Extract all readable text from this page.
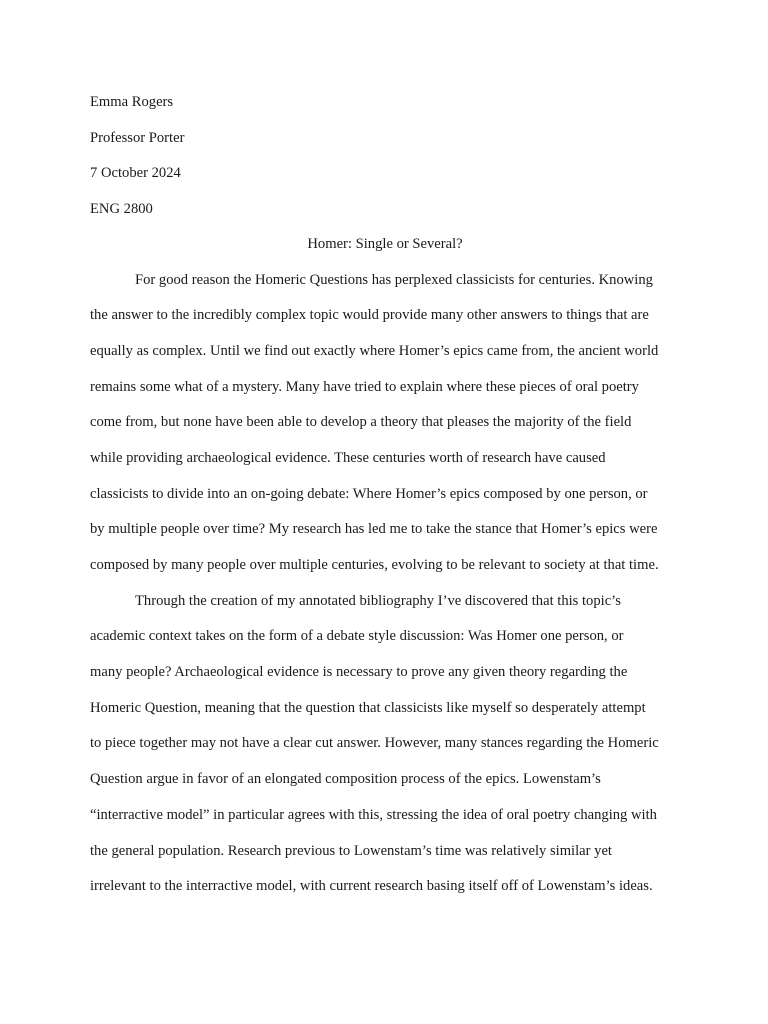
Emma Rogers
Professor Porter
7 October 2024
ENG 2800
Homer: Single or Several?
For good reason the Homeric Questions has perplexed classicists for centuries. Knowing
the answer to the incredibly complex topic would provide many other answers to things that are
equally as complex. Until we find out exactly where Homer’s epics came from, the ancient world
remains some what of a mystery. Many have tried to explain where these pieces of oral poetry
come from, but none have been able to develop a theory that pleases the majority of the field
while providing archaeological evidence. These centuries worth of research have caused
classicists to divide into an on-going debate: Where Homer’s epics composed by one person, or
by multiple people over time? My research has led me to take the stance that Homer’s epics were
composed by many people over multiple centuries, evolving to be relevant to society at that time.
Through the creation of my annotated bibliography I’ve discovered that this topic’s
academic context takes on the form of a debate style discussion: Was Homer one person, or
many people? Archaeological evidence is necessary to prove any given theory regarding the
Homeric Question, meaning that the question that classicists like myself so desperately attempt
to piece together may not have a clear cut answer. However, many stances regarding the Homeric
Question argue in favor of an elongated composition process of the epics. Lowenstam’s
“interractive model” in particular agrees with this, stressing the idea of oral poetry changing with
the general population. Research previous to Lowenstam’s time was relatively similar yet
irrelevant to the interractive model, with current research basing itself off of Lowenstam’s ideas.
